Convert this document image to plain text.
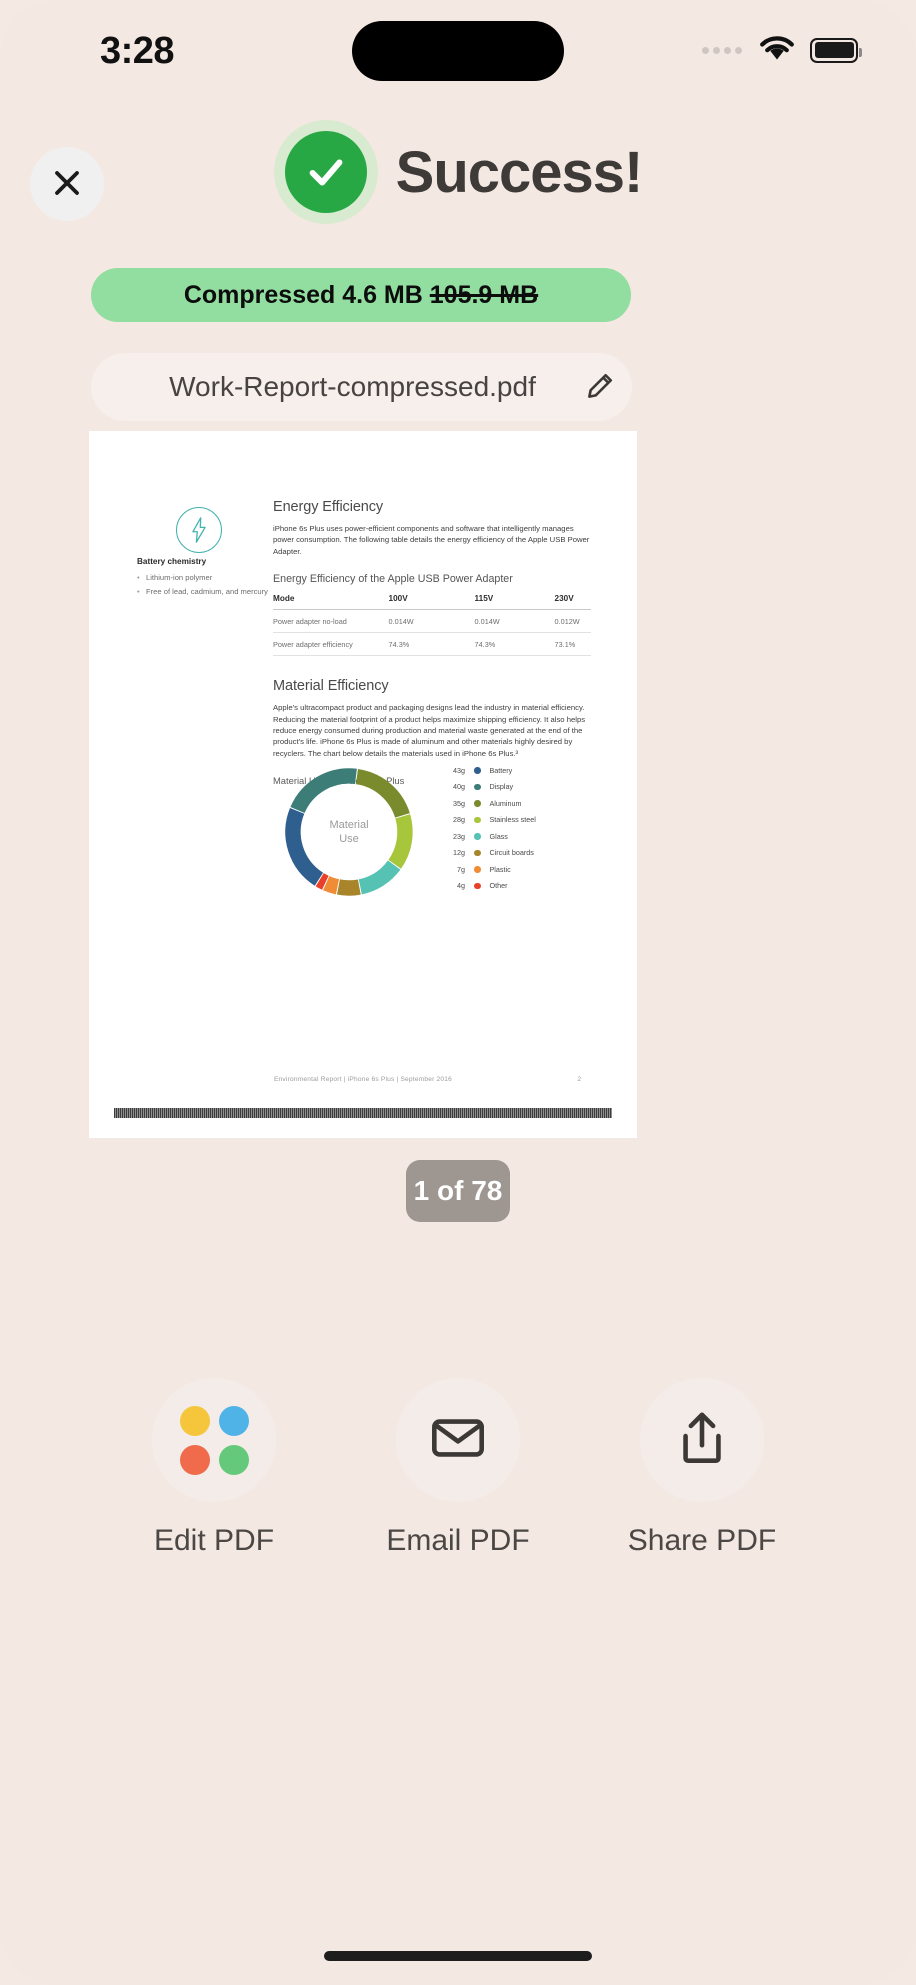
3:28
Success!
Compressed 4.6 MB
105.9 MB
Work-Report-compressed.pdf
Battery chemistry
• Lithium-ion polymer
• Free of lead, cadmium, and mercury
Energy Efficiency
iPhone 6s Plus uses power-efficient components and software that intelligently manages power consumption. The following table details the energy efficiency of the Apple USB Power Adapter.
Energy Efficiency of the Apple USB Power Adapter
Mode	100V	115V	230V
Power adapter no-load	0.014W	0.014W	0.012W
Power adapter efficiency	74.3%	74.3%	73.1%
Material Efficiency
Apple's ultracompact product and packaging designs lead the industry in material efficiency. Reducing the material footprint of a product helps maximize shipping efficiency. It also helps reduce energy consumed during production and material waste generated at the end of the product's life. iPhone 6s Plus is made of aluminum and other materials highly desired by recyclers. The chart below details the materials used in iPhone 6s Plus.³
Material Use for iPhone 6s Plus
Material
Use
43g	Battery
40g	Display
35g	Aluminum
28g	Stainless steel
23g	Glass
12g	Circuit boards
7g	Plastic
4g	Other
Environmental Report | iPhone 6s Plus | September 2016	2
1 of 78
Edit PDF	Email PDF	Share PDF
